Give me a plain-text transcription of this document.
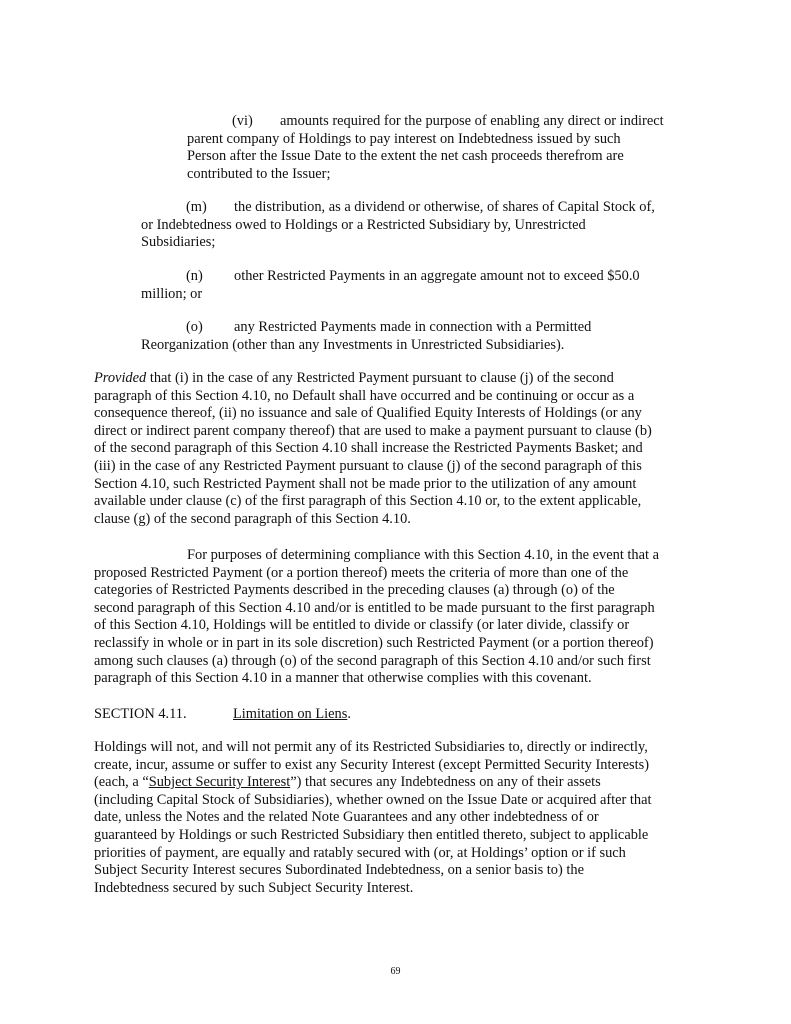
(vi) amounts required for the purpose of enabling any direct or indirect
parent company of Holdings to pay interest on Indebtedness issued by such
Person after the Issue Date to the extent the net cash proceeds therefrom are
contributed to the Issuer;
(m) the distribution, as a dividend or otherwise, of shares of Capital Stock of,
or Indebtedness owed to Holdings or a Restricted Subsidiary by, Unrestricted
Subsidiaries;
(n) other Restricted Payments in an aggregate amount not to exceed $50.0
million; or
(o) any Restricted Payments made in connection with a Permitted
Reorganization (other than any Investments in Unrestricted Subsidiaries).
Provided that (i) in the case of any Restricted Payment pursuant to clause (j) of the second
paragraph of this Section 4.10, no Default shall have occurred and be continuing or occur as a
consequence thereof, (ii) no issuance and sale of Qualified Equity Interests of Holdings (or any
direct or indirect parent company thereof) that are used to make a payment pursuant to clause (b)
of the second paragraph of this Section 4.10 shall increase the Restricted Payments Basket; and
(iii) in the case of any Restricted Payment pursuant to clause (j) of the second paragraph of this
Section 4.10, such Restricted Payment shall not be made prior to the utilization of any amount
available under clause (c) of the first paragraph of this Section 4.10 or, to the extent applicable,
clause (g) of the second paragraph of this Section 4.10.
For purposes of determining compliance with this Section 4.10, in the event that a
proposed Restricted Payment (or a portion thereof) meets the criteria of more than one of the
categories of Restricted Payments described in the preceding clauses (a) through (o) of the
second paragraph of this Section 4.10 and/or is entitled to be made pursuant to the first paragraph
of this Section 4.10, Holdings will be entitled to divide or classify (or later divide, classify or
reclassify in whole or in part in its sole discretion) such Restricted Payment (or a portion thereof)
among such clauses (a) through (o) of the second paragraph of this Section 4.10 and/or such first
paragraph of this Section 4.10 in a manner that otherwise complies with this covenant.
SECTION 4.11.	Limitation on Liens.
Holdings will not, and will not permit any of its Restricted Subsidiaries to, directly or indirectly,
create, incur, assume or suffer to exist any Security Interest (except Permitted Security Interests)
(each, a “Subject Security Interest”) that secures any Indebtedness on any of their assets
(including Capital Stock of Subsidiaries), whether owned on the Issue Date or acquired after that
date, unless the Notes and the related Note Guarantees and any other indebtedness of or
guaranteed by Holdings or such Restricted Subsidiary then entitled thereto, subject to applicable
priorities of payment, are equally and ratably secured with (or, at Holdings’ option or if such
Subject Security Interest secures Subordinated Indebtedness, on a senior basis to) the
Indebtedness secured by such Subject Security Interest.
69
